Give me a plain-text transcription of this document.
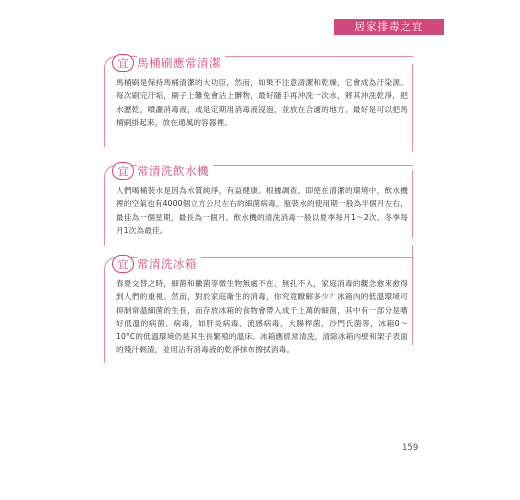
居家排毒之宜
宜 馬桶刷應常清潔
馬桶刷是保持馬桶清潔的大功臣，然而，如果不注意清潔和乾燥，它會成為汙染源。每次刷完汙垢，刷子上難免會沾上髒物，最好隨手再沖洗一次水，將其沖洗乾淨，把水瀝乾，噴灑消毒液，或是定期用消毒液浸泡，並放在合適的地方。最好是可以把馬桶刷掛起來，放在通風的容器裡。
宜 常清洗飲水機
人們喝桶裝水是因為水質純淨，有益健康。根據調查，即使在清潔的環境中，飲水機裡的空氣也有4000個立方公尺左右的細菌病毒。瓶裝水的使用期一般為半個月左右，最佳為一個星期，最長為一個月，飲水機的清洗消毒一般以夏季每月1～2次、冬季每月1次為最佳。
宜 常清洗冰箱
春夏交替之時，細菌和黴菌等微生物無處不在、無孔不入，家庭消毒的觀念愈來愈得到人們的重視。然而，對於家庭衛生的消毒，你究竟瞭解多少？冰箱內的低溫環境可抑制常溫細菌的生長，而存放冰箱的食物會帶入成千上萬的細菌，其中有一部分是嗜好低溫的病菌、病毒，如肝炎病毒、流感病毒、大腸桿菌、沙門氏菌等，冰箱0～10°C的低溫環境仍是其生長繁殖的溫床。冰箱應經常清洗，清除冰箱內壁和架子表面的殘汁剩渣，並用沾有消毒液的乾淨抹布擦拭消毒。
159
